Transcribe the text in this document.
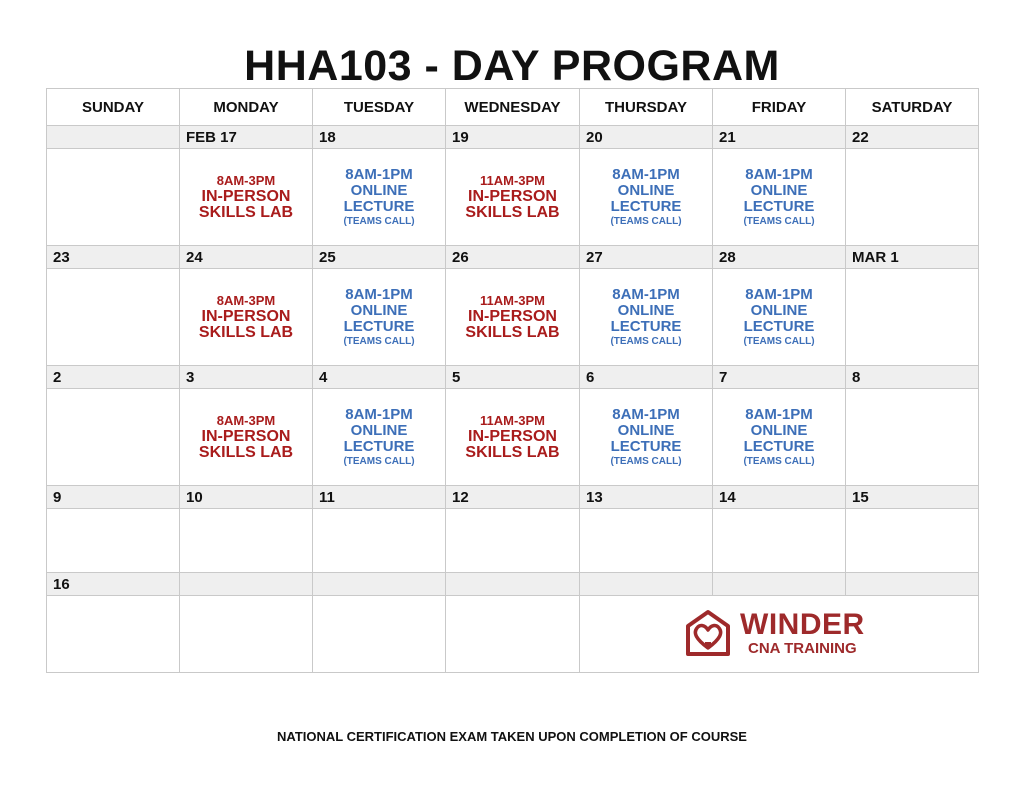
HHA103 - DAY PROGRAM
SUNDAY	MONDAY	TUESDAY	WEDNESDAY	THURSDAY	FRIDAY	SATURDAY
	FEB 17	18	19	20	21	22

	8AM-3PM
IN-PERSON
SKILLS LAB	8AM-1PM
ONLINE
LECTURE
(TEAMS CALL)	11AM-3PM
IN-PERSON
SKILLS LAB	8AM-1PM
ONLINE
LECTURE
(TEAMS CALL)	8AM-1PM
ONLINE
LECTURE
(TEAMS CALL)	

23	24	25	26	27	28	MAR 1

	8AM-3PM
IN-PERSON
SKILLS LAB	8AM-1PM
ONLINE
LECTURE
(TEAMS CALL)	11AM-3PM
IN-PERSON
SKILLS LAB	8AM-1PM
ONLINE
LECTURE
(TEAMS CALL)	8AM-1PM
ONLINE
LECTURE
(TEAMS CALL)	

2	3	4	5	6	7	8

	8AM-3PM
IN-PERSON
SKILLS LAB	8AM-1PM
ONLINE
LECTURE
(TEAMS CALL)	11AM-3PM
IN-PERSON
SKILLS LAB	8AM-1PM
ONLINE
LECTURE
(TEAMS CALL)	8AM-1PM
ONLINE
LECTURE
(TEAMS CALL)	

9	10	11	12	13	14	15

16						

				WINDER
CNA TRAINING		
NATIONAL CERTIFICATION EXAM TAKEN UPON COMPLETION OF COURSE
